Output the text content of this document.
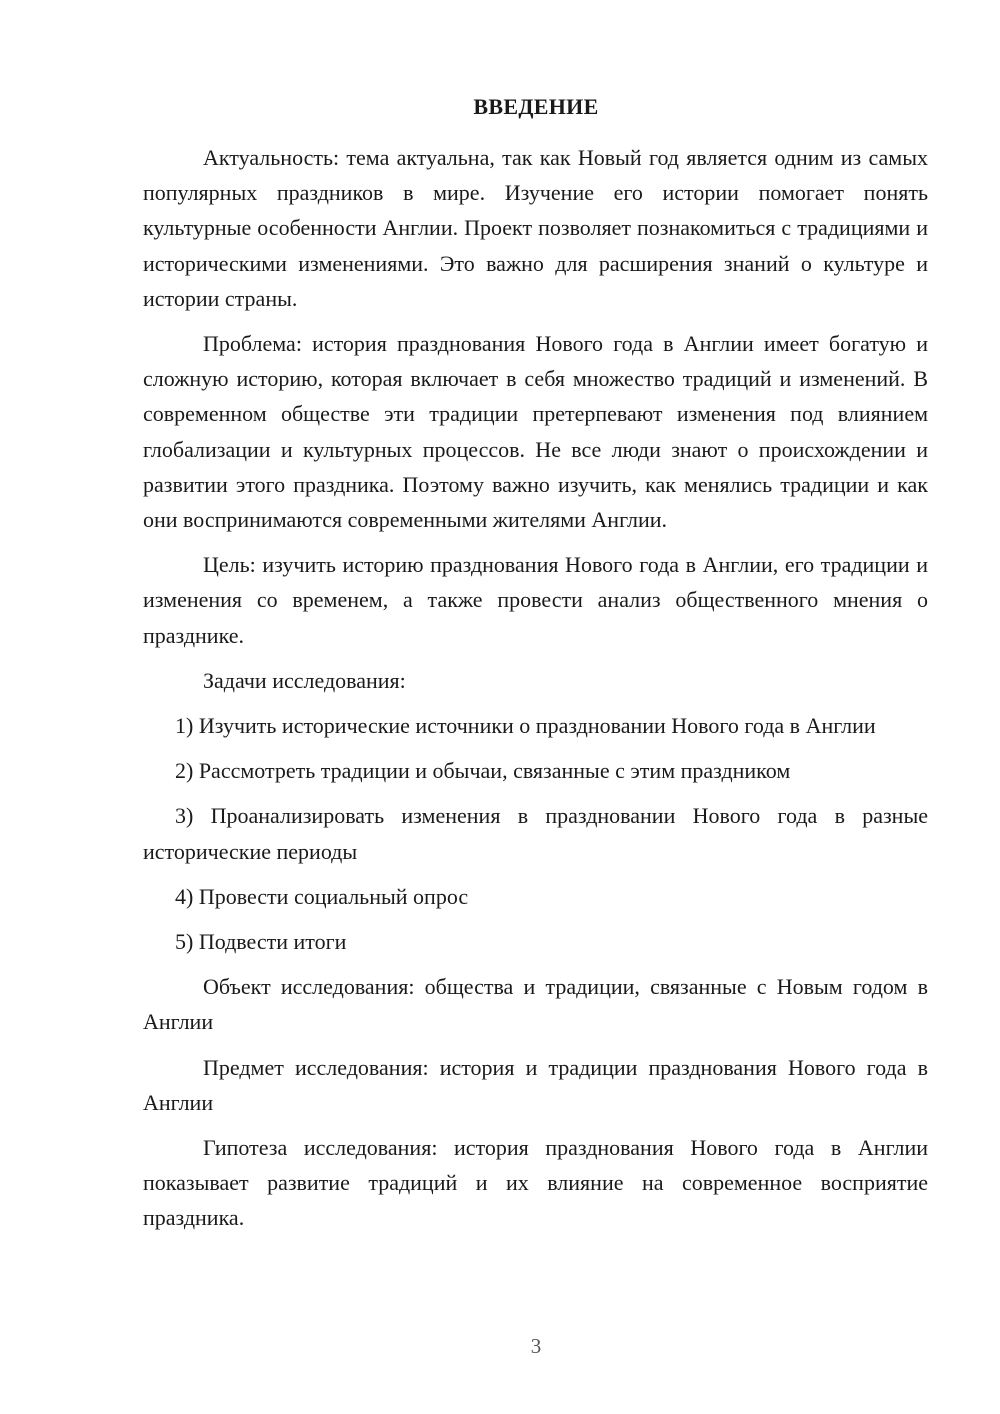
ВВЕДЕНИЕ

Актуальность: тема актуальна, так как Новый год является одним из самых популярных праздников в мире. Изучение его истории помогает понять культурные особенности Англии. Проект позволяет познакомиться с традициями и историческими изменениями. Это важно для расширения знаний о культуре и истории страны.

Проблема: история празднования Нового года в Англии имеет богатую и сложную историю, которая включает в себя множество традиций и изменений. В современном обществе эти традиции претерпевают изменения под влиянием глобализации и культурных процессов. Не все люди знают о происхождении и развитии этого праздника. Поэтому важно изучить, как менялись традиции и как они воспринимаются современными жителями Англии.

Цель: изучить историю празднования Нового года в Англии, его традиции и изменения со временем, а также провести анализ общественного мнения о празднике.

Задачи исследования:

1) Изучить исторические источники о праздновании Нового года в Англии

2) Рассмотреть традиции и обычаи, связанные с этим праздником

3) Проанализировать изменения в праздновании Нового года в разные исторические периоды

4) Провести социальный опрос

5) Подвести итоги

Объект исследования: общества и традиции, связанные с Новым годом в Англии

Предмет исследования: история и традиции празднования Нового года в Англии

Гипотеза исследования: история празднования Нового года в Англии показывает развитие традиций и их влияние на современное восприятие праздника.

3
